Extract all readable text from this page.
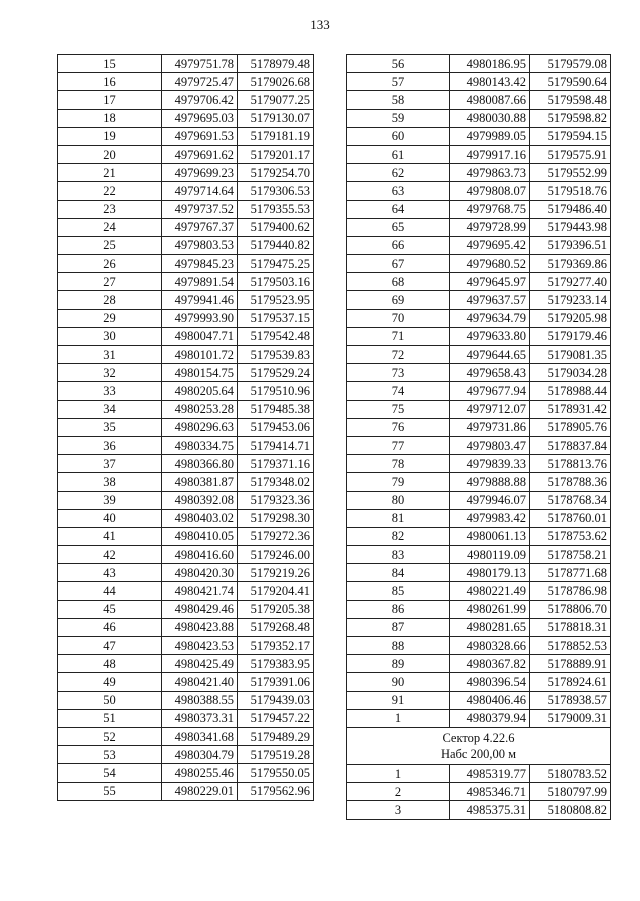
133
15	4979751.78	5178979.48
16	4979725.47	5179026.68
17	4979706.42	5179077.25
18	4979695.03	5179130.07
19	4979691.53	5179181.19
20	4979691.62	5179201.17
21	4979699.23	5179254.70
22	4979714.64	5179306.53
23	4979737.52	5179355.53
24	4979767.37	5179400.62
25	4979803.53	5179440.82
26	4979845.23	5179475.25
27	4979891.54	5179503.16
28	4979941.46	5179523.95
29	4979993.90	5179537.15
30	4980047.71	5179542.48
31	4980101.72	5179539.83
32	4980154.75	5179529.24
33	4980205.64	5179510.96
34	4980253.28	5179485.38
35	4980296.63	5179453.06
36	4980334.75	5179414.71
37	4980366.80	5179371.16
38	4980381.87	5179348.02
39	4980392.08	5179323.36
40	4980403.02	5179298.30
41	4980410.05	5179272.36
42	4980416.60	5179246.00
43	4980420.30	5179219.26
44	4980421.74	5179204.41
45	4980429.46	5179205.38
46	4980423.88	5179268.48
47	4980423.53	5179352.17
48	4980425.49	5179383.95
49	4980421.40	5179391.06
50	4980388.55	5179439.03
51	4980373.31	5179457.22
52	4980341.68	5179489.29
53	4980304.79	5179519.28
54	4980255.46	5179550.05
55	4980229.01	5179562.96
56	4980186.95	5179579.08
57	4980143.42	5179590.64
58	4980087.66	5179598.48
59	4980030.88	5179598.82
60	4979989.05	5179594.15
61	4979917.16	5179575.91
62	4979863.73	5179552.99
63	4979808.07	5179518.76
64	4979768.75	5179486.40
65	4979728.99	5179443.98
66	4979695.42	5179396.51
67	4979680.52	5179369.86
68	4979645.97	5179277.40
69	4979637.57	5179233.14
70	4979634.79	5179205.98
71	4979633.80	5179179.46
72	4979644.65	5179081.35
73	4979658.43	5179034.28
74	4979677.94	5178988.44
75	4979712.07	5178931.42
76	4979731.86	5178905.76
77	4979803.47	5178837.84
78	4979839.33	5178813.76
79	4979888.88	5178788.36
80	4979946.07	5178768.34
81	4979983.42	5178760.01
82	4980061.13	5178753.62
83	4980119.09	5178758.21
84	4980179.13	5178771.68
85	4980221.49	5178786.98
86	4980261.99	5178806.70
87	4980281.65	5178818.31
88	4980328.66	5178852.53
89	4980367.82	5178889.91
90	4980396.54	5178924.61
91	4980406.46	5178938.57
1	4980379.94	5179009.31

Сектор 4.22.6
Набс 200,00 м		

1	4985319.77	5180783.52
2	4985346.71	5180797.99
3	4985375.31	5180808.82
